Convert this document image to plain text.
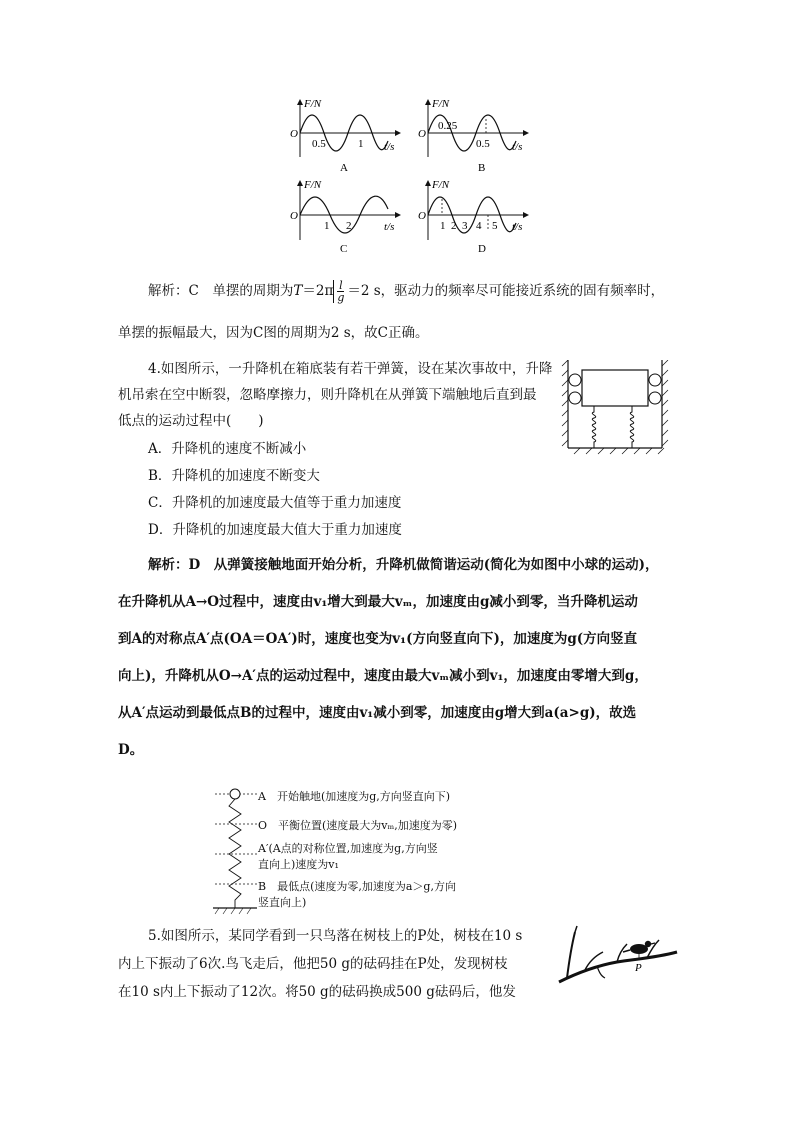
F/N
O
0.5	1 t/s
A
F/N
O
0.25
0.5 t/s
B
F/N
O
1 2	t/s
C
F/N
O
1 2 3 4 5 t/s
D
解析：C　单摆的周期为$T=2\pi \frac{l}{g} =2$ s，驱动力的频率尽可能接近系统的固有频率时，
单摆的振幅最大，因为C图的周期为2 s，故C正确。
4.如图所示，一升降机在箱底装有若干弹簧，设在某次事故中，升降
机吊索在空中断裂，忽略摩擦力，则升降机在从弹簧下端触地后直到最
低点的运动过程中(　　)
A．升降机的速度不断减小
B．升降机的加速度不断变大
C．升降机的加速度最大值等于重力加速度
D．升降机的加速度最大值大于重力加速度
解析：D　从弹簧接触地面开始分析，升降机做简谐运动(简化为如图中小球的运动)，
在升降机从A→O过程中，速度由v₁增大到最大vₘ，加速度由g减小到零，当升降机运动
到A的对称点A′点(OA＝OA′)时，速度也变为v₁(方向竖直向下)，加速度为g(方向竖直
向上)，升降机从O→A′点的运动过程中，速度由最大vₘ减小到v₁，加速度由零增大到g，
从A′点运动到最低点B的过程中，速度由v₁减小到零，加速度由g增大到a(a>g)，故选
D。
A　开始触地(加速度为g,方向竖直向下)
O　平衡位置(速度最大为vₘ,加速度为零)
A′(A点的对称位置,加速度为g,方向竖
直向上)速度为v₁
B　最低点(速度为零,加速度为a＞g,方向
竖直向上)
5.如图所示，某同学看到一只鸟落在树枝上的P处，树枝在10 s
内上下振动了6次.鸟飞走后，他把50 g的砝码挂在P处，发现树枝
在10 s内上下振动了12次。将50 g的砝码换成500 g砝码后，他发
P
